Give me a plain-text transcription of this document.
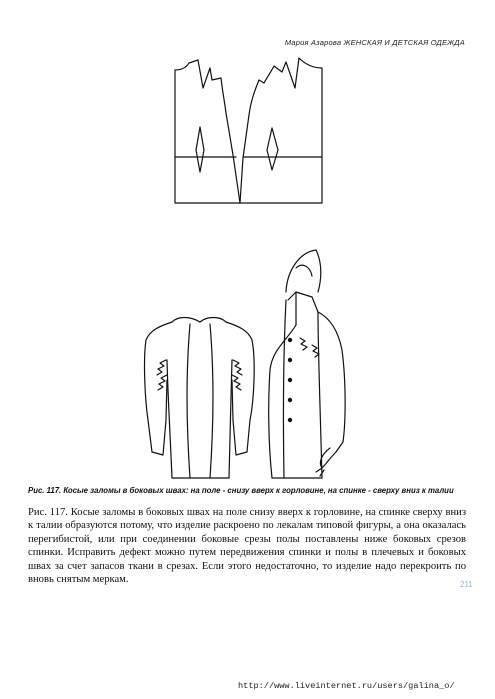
Мария Азарова ЖЕНСКАЯ И ДЕТСКАЯ ОДЕЖДА
Рис. 117. Косые заломы в боковых швах: на поле - снизу вверх к горловине, на спинке - сверху вниз к талии
Рис. 117. Косые заломы в боковых швах на поле снизу вверх к горловине, на спинке сверху вниз к талии образуются потому, что изделие раскроено по лекалам типовой фигуры, а она оказалась перегибистой, или при соединении боковые срезы полы поставлены ниже боковых срезов спинки. Исправить дефект можно путем передвижения спинки и полы в плечевых и боковых швах за счет запасов ткани в срезах. Если этого недостаточно, то изделие надо перекроить по вновь снятым меркам.	211
http://www.liveinternet.ru/users/galina_o/
